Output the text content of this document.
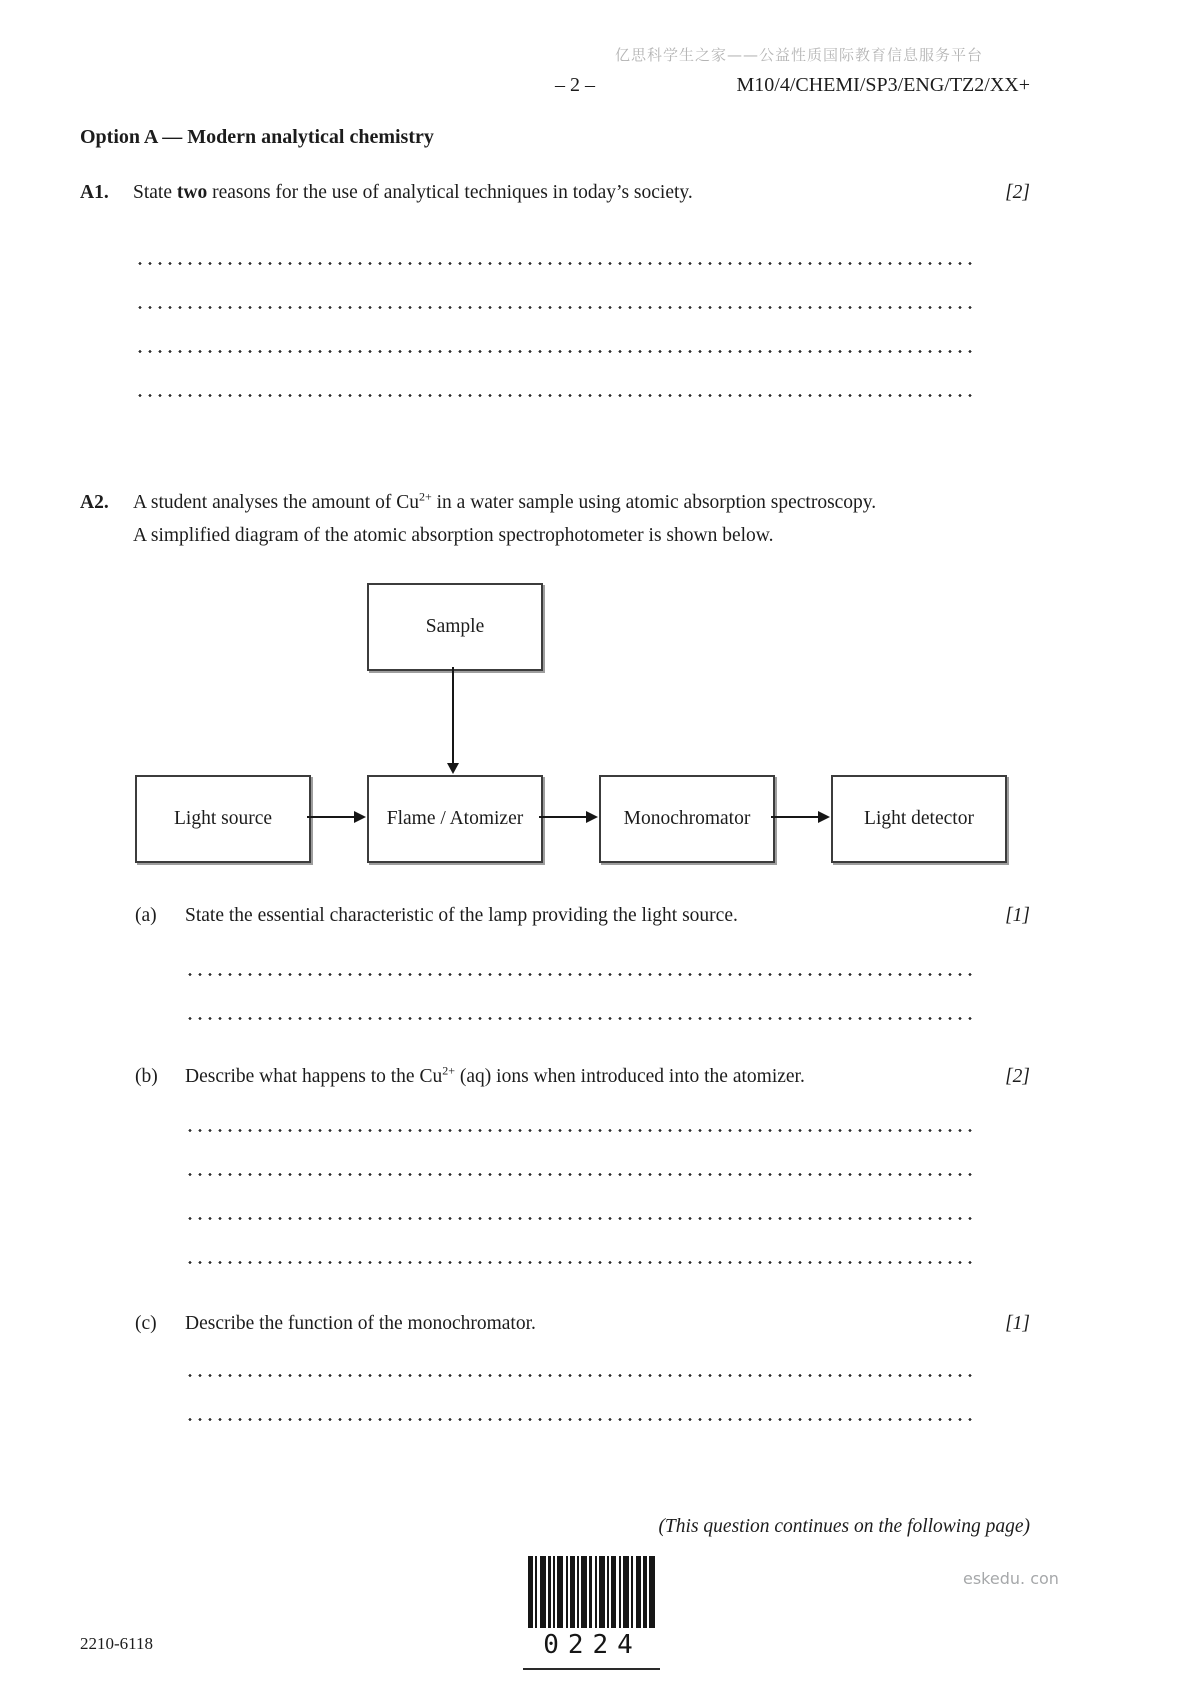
亿思科学生之家——公益性质国际教育信息服务平台
– 2 –	M10/4/CHEMI/SP3/ENG/TZ2/XX+
Option A — Modern analytical chemistry
A1.	State two reasons for the use of analytical techniques in today’s society.	[2]
A2.	A student analyses the amount of $Cu^{2+}$ in a water sample using atomic absorption spectroscopy.
A simplified diagram of the atomic absorption spectrophotometer is shown below.
Sample
Light source	Flame / Atomizer	Monochromator	Light detector
(a)	State the essential characteristic of the lamp providing the light source.	[1]
(b)	Describe what happens to the $Cu^{2+}$ (aq) ions when introduced into the atomizer.	[2]
(c)	Describe the function of the monochromator.	[1]
(This question continues on the following page)
2210-6118	0224
eskedu. con
